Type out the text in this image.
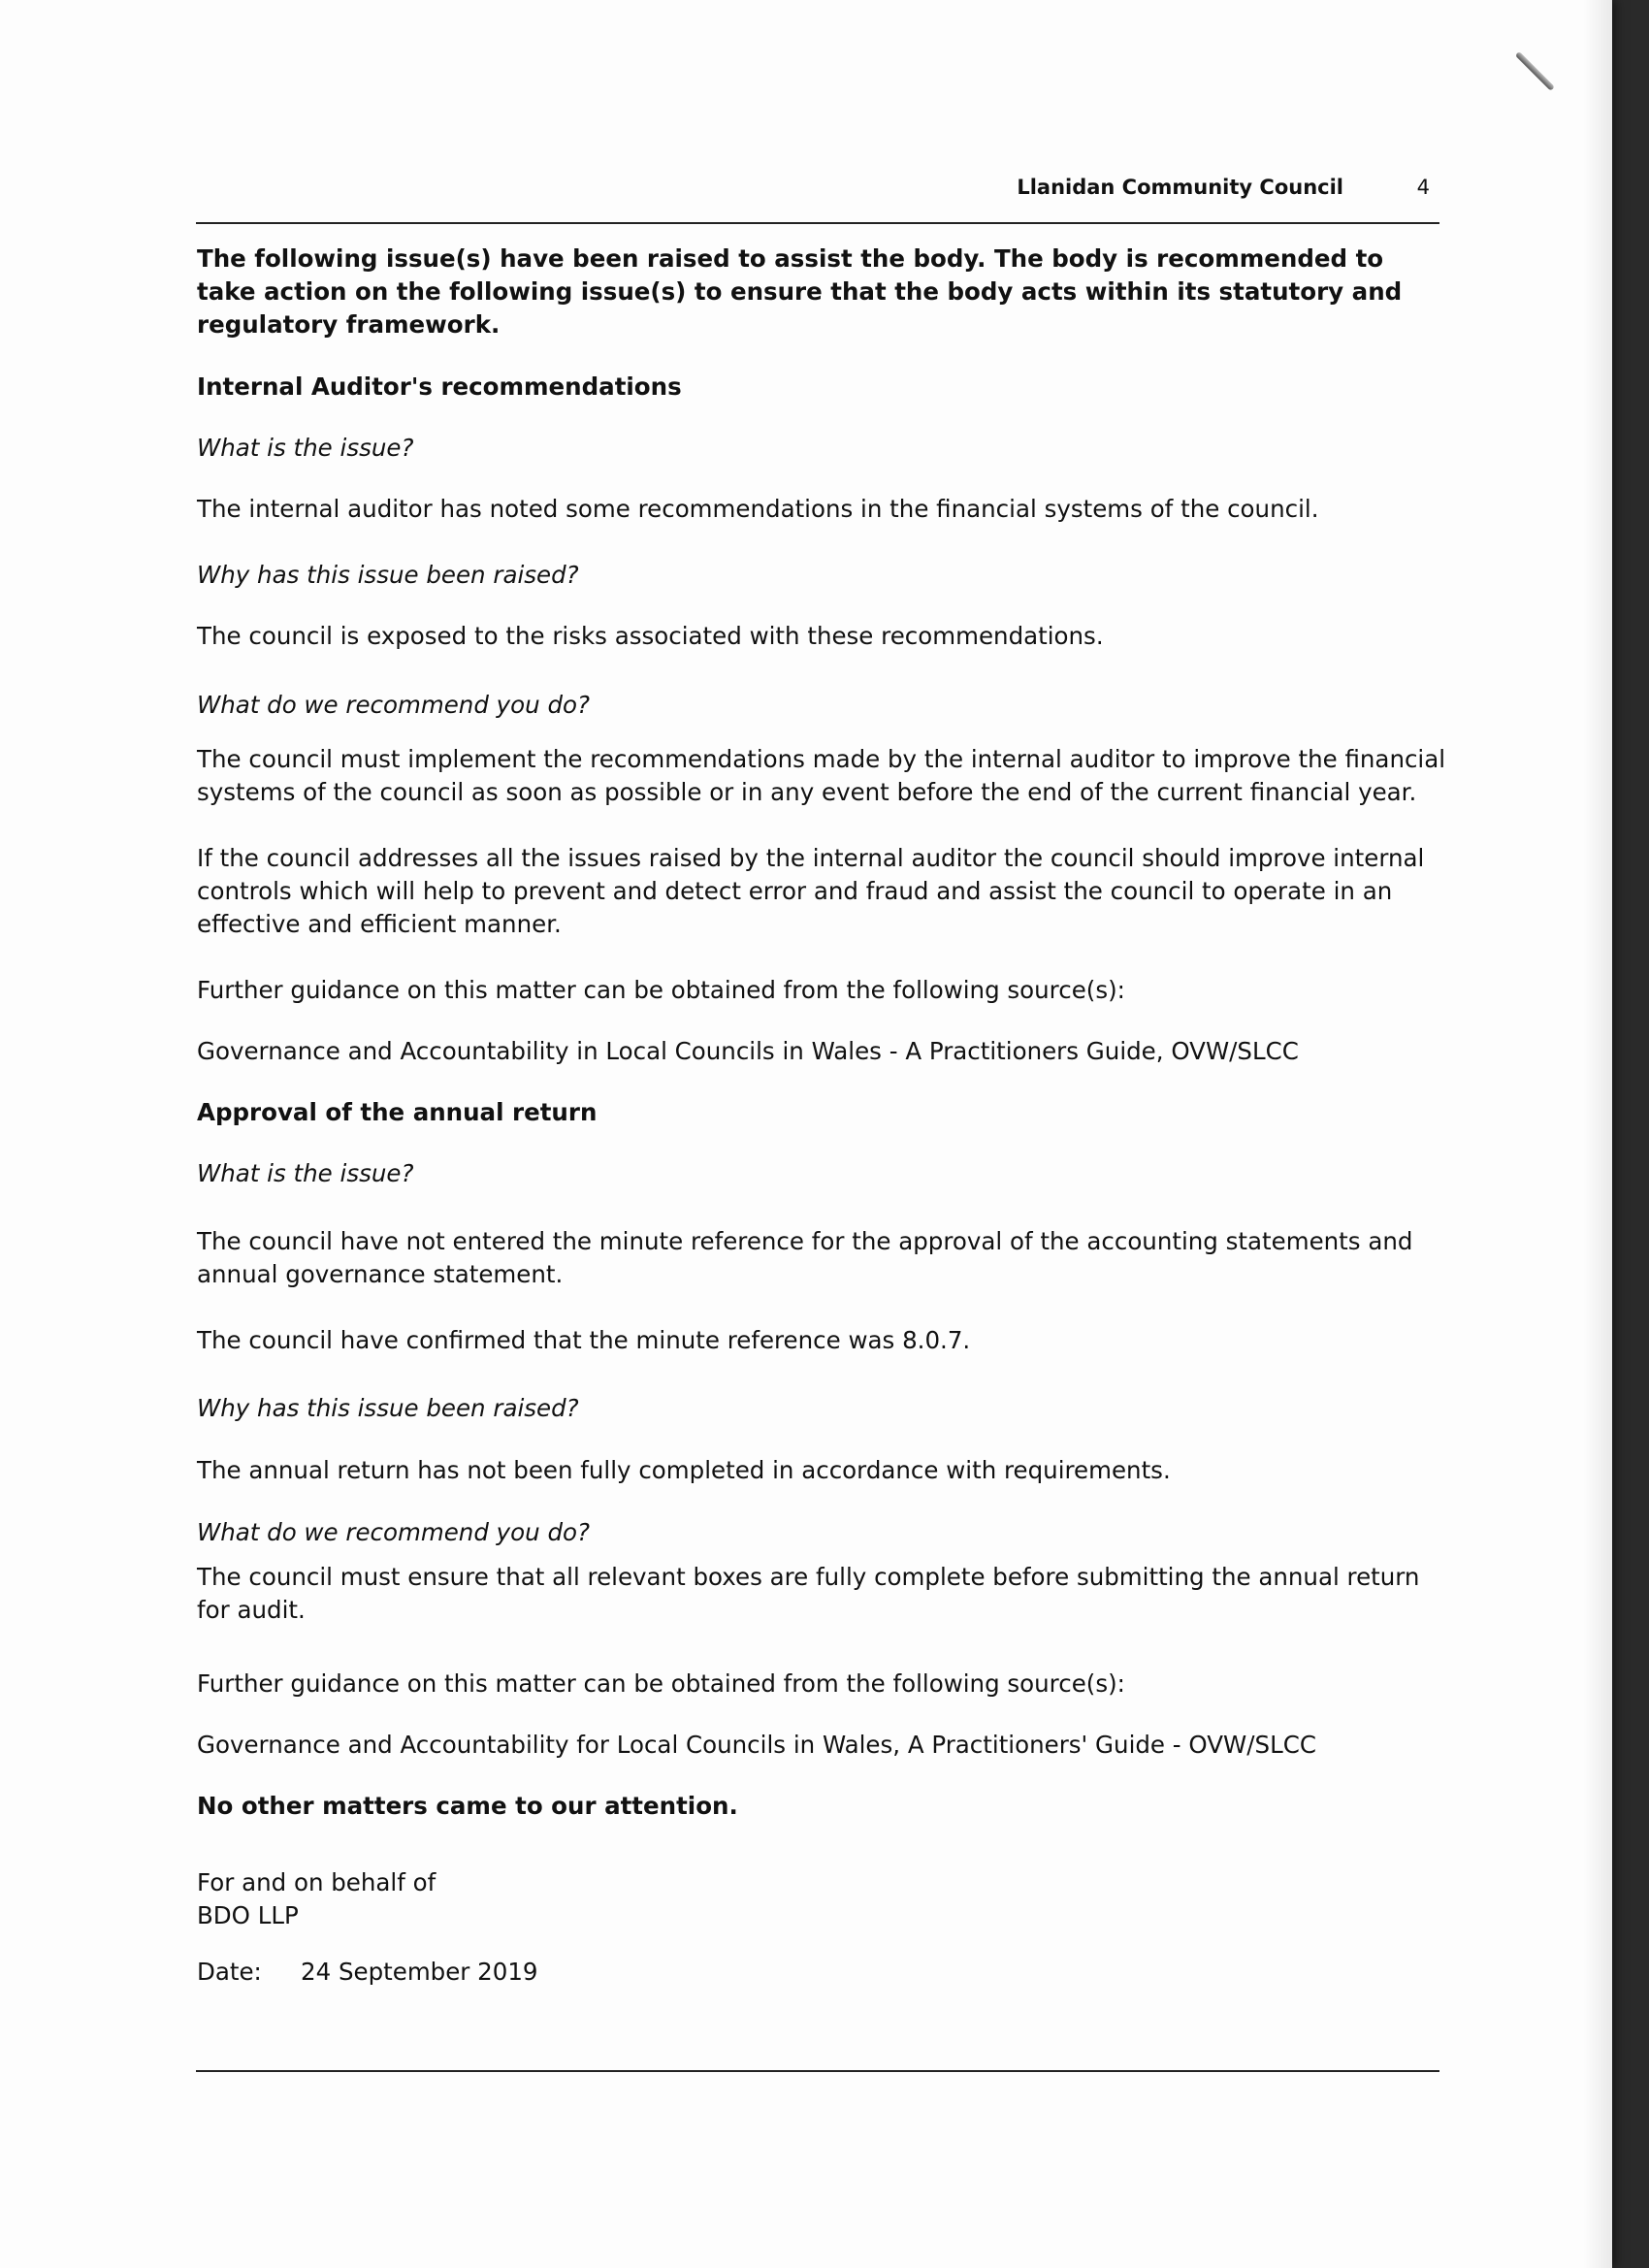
Llanidan Community Council	4

The following issue(s) have been raised to assist the body. The body is recommended to take action on the following issue(s) to ensure that the body acts within its statutory and regulatory framework.

Internal Auditor's recommendations

What is the issue?

The internal auditor has noted some recommendations in the financial systems of the council.

Why has this issue been raised?

The council is exposed to the risks associated with these recommendations.

What do we recommend you do?

The council must implement the recommendations made by the internal auditor to improve the financial systems of the council as soon as possible or in any event before the end of the current financial year.

If the council addresses all the issues raised by the internal auditor the council should improve internal controls which will help to prevent and detect error and fraud and assist the council to operate in an effective and efficient manner.

Further guidance on this matter can be obtained from the following source(s):

Governance and Accountability in Local Councils in Wales - A Practitioners Guide, OVW/SLCC

Approval of the annual return

What is the issue?

The council have not entered the minute reference for the approval of the accounting statements and annual governance statement.

The council have confirmed that the minute reference was 8.0.7.

Why has this issue been raised?

The annual return has not been fully completed in accordance with requirements.

What do we recommend you do?

The council must ensure that all relevant boxes are fully complete before submitting the annual return for audit.

Further guidance on this matter can be obtained from the following source(s):

Governance and Accountability for Local Councils in Wales, A Practitioners' Guide - OVW/SLCC

No other matters came to our attention.

For and on behalf of

BDO LLP

Date:	24 September 2019
